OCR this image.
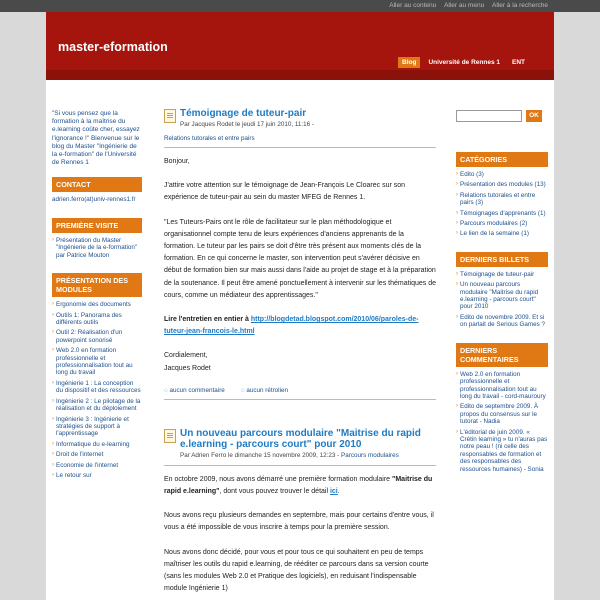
Aller au contenu Aller au menu Aller à la recherche
master-eformation
Blog	Université de Rennes 1	ENT
"Si vous pensez que la formation à la maîtrise du e.learning coûte cher, essayez l'ignorance !" Bienvenue sur le blog du Master "Ingénierie de la e-formation" de l'Université de Rennes 1
CONTACT
adrien.ferro(at)univ-rennes1.fr
PREMIÈRE VISITE
› Présentation du Master "Ingénierie de la e-formation" par Patrice Mouton
PRÉSENTATION DES MODULES
› Ergonomie des documents
› Outils 1: Panorama des différents outils
› Outil 2: Réalisation d'un powerpoint sonorisé
› Web 2.0 en formation professionnelle et professionnalisation tout au long du travail
› Ingénierie 1 : La conception du dispositif et des ressources
› Ingénierie 2 : Le pilotage de la réalisation et du déploiement
› Ingénierie 3 : Ingénierie et stratégies de support à l'apprentissage
› Informatique du e-learning
› Droit de l'internet
› Economie de l'internet
› Le retour sur
Témoignage de tuteur-pair
Par Jacques Rodet le jeudi 17 juin 2010, 11:16 -
Relations tutorales et entre pairs
Bonjour,
J'attire votre attention sur le témoignage de Jean-François Le Cloarec sur son expérience de tuteur-pair au sein du master MFEG de Rennes 1.
"Les Tuteurs-Pairs ont le rôle de facilitateur sur le plan méthodologique et organisationnel compte tenu de leurs expériences d'anciens apprenants de la formation. Le tuteur par les pairs se doit d'être très présent aux moments clés de la formation. En ce qui concerne le master, son intervention peut s'avérer décisive en début de formation bien sur mais aussi dans l'aide au projet de stage et à la préparation de la soutenance. Il peut être amené ponctuellement à intervenir sur les thématiques de cours, comme un médiateur des apprentissages."
Lire l'entretien en entier à http://blogdetad.blogspot.com/2010/06/paroles-de-tuteur-jean-francois-le.html
Cordialement,
Jacques Rodet
◌ aucun commentaire	◌ aucun rétrolien
Un nouveau parcours modulaire "Maitrise du rapid e.learning - parcours court" pour 2010
Par Adrien Ferro le dimanche 15 novembre 2009, 12:23 - Parcours modulaires
En octobre 2009, nous avons démarré une première formation modulaire "Maitrise du rapid e.learning", dont vous pouvez trouver le détail ici.
Nous avons reçu plusieurs demandes en septembre, mais pour certains d'entre vous, il vous a été impossible de vous inscrire à temps pour la première session.
Nous avons donc décidé, pour vous et pour tous ce qui souhaitent en peu de temps maîtriser les outils du rapid e.learning, de rééditer ce parcours dans sa version courte (sans les modules Web 2.0 et Pratique des logiciels), en reduisant l'indispensable module Ingénierie 1)
OK
CATÉGORIES
› Edito (3)
› Présentation des modules (13)
› Relations tutorales et entre pairs (3)
› Témoignages d'apprenants (1)
› Parcours modulaires (2)
› Le lien de la semaine (1)
DERNIERS BILLETS
› Témoignage de tuteur-pair
› Un nouveau parcours modulaire "Maitrise du rapid e.learning - parcours court" pour 2010
› Edito de novembre 2009. Et si on parlait de Serious Games ?
DERNIERS COMMENTAIRES
› Web 2.0 en formation professionnelle et professionnalisation tout au long du travail - cord-mauroury
› Edito de septembre 2009. À propos du consensus sur le tutorat - Nadia
› L'éditorial de juin 2009. « Crétin learning » tu n'auras pas notre peau ! (ni celle des responsables de formation et des responsables des ressources humaines) - Sonia
